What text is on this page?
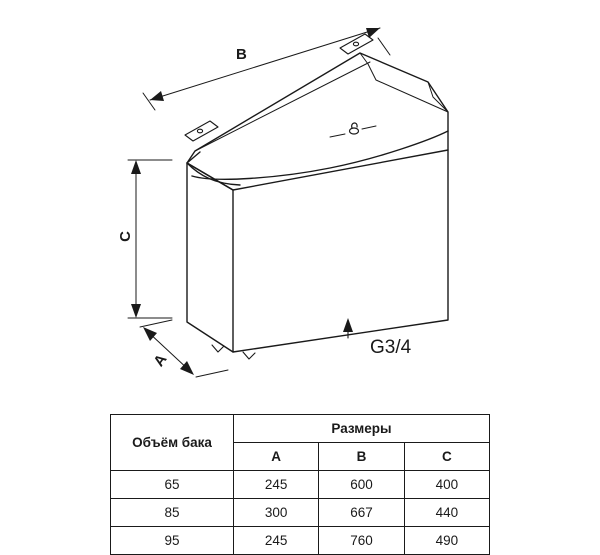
B
C
A
G3/4
Объём бака	Размеры		
	A	B	C
65	245	600	400
85	300	667	440
95	245	760	490
